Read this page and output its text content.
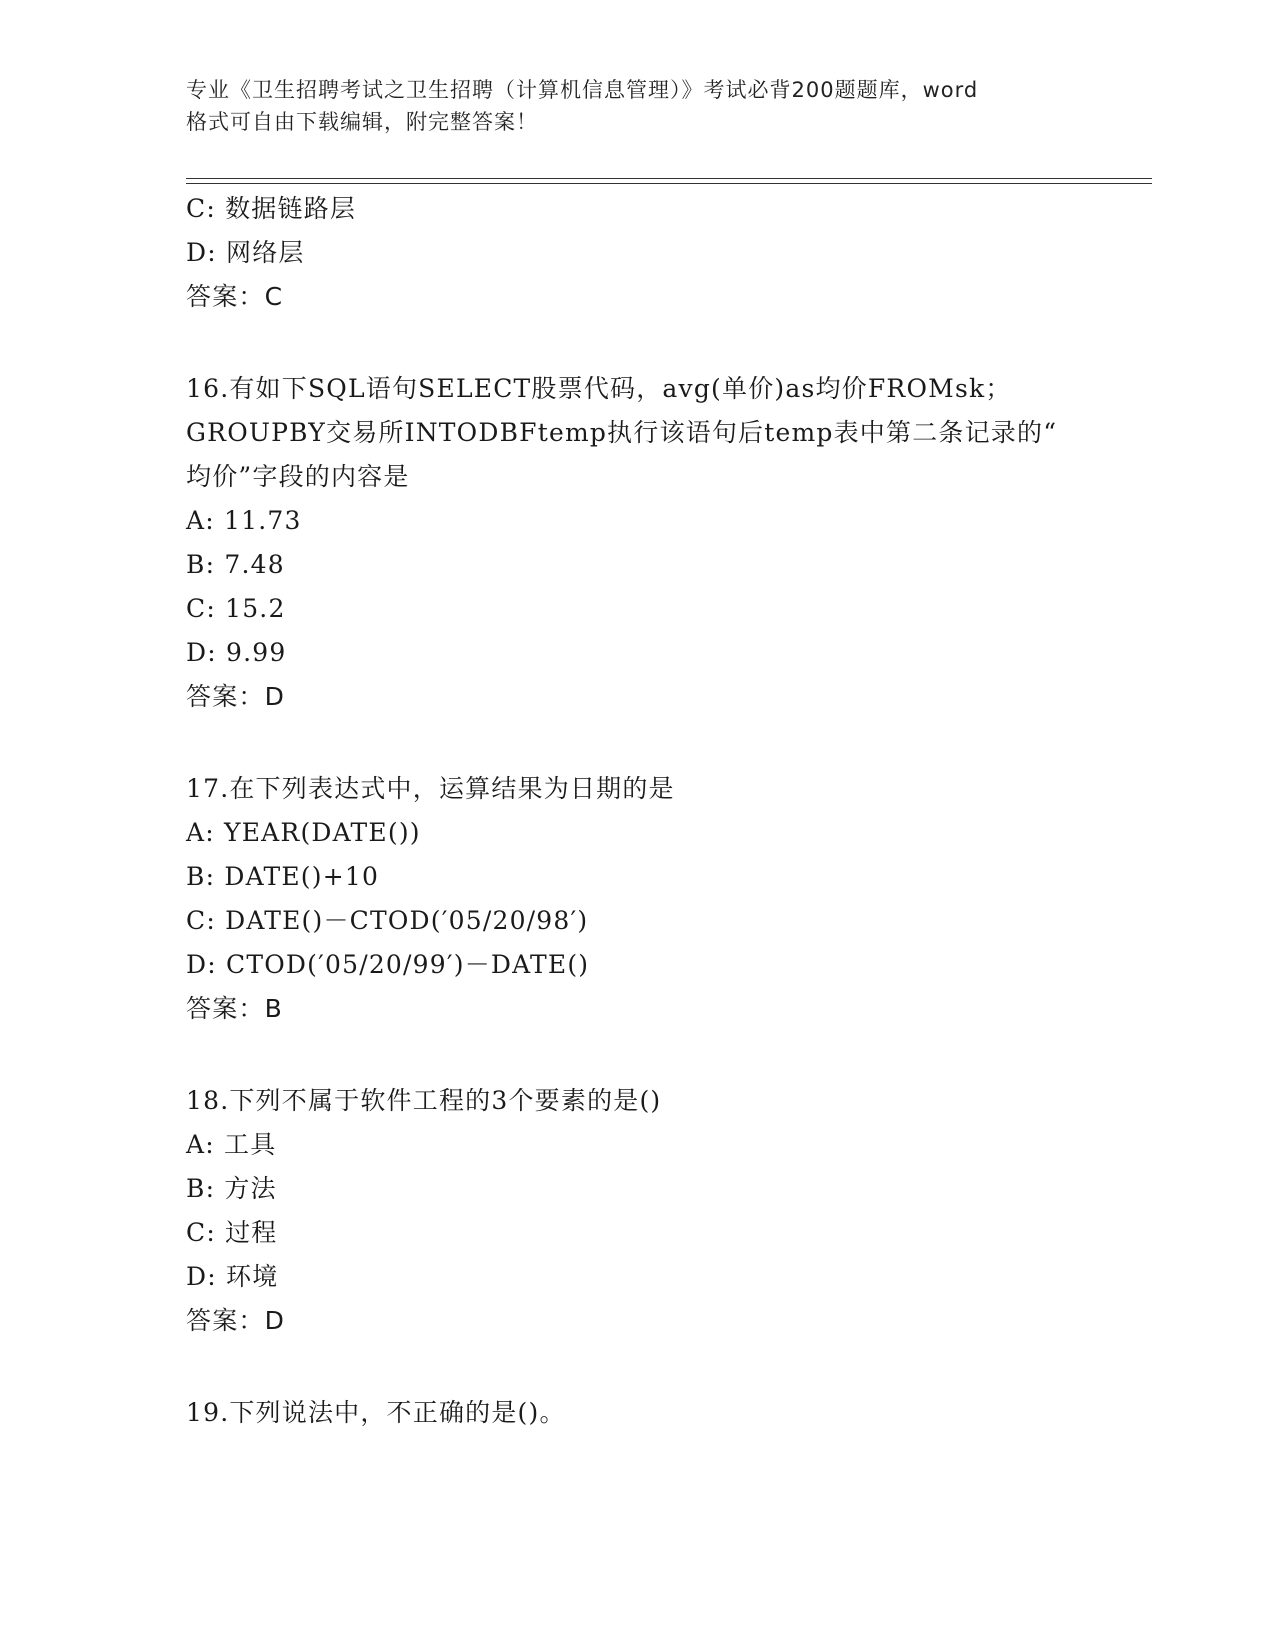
专业《卫生招聘考试之卫生招聘（计算机信息管理）》考试必背200题题库，word
格式可自由下载编辑，附完整答案！
C: 数据链路层
D: 网络层
答案：C
16.有如下SQL语句SELECT股票代码，avg(单价)as均价FROMsk；
GROUPBY交易所INTODBFtemp执行该语句后temp表中第二条记录的“
均价”字段的内容是
A: 11.73
B: 7.48
C: 15.2
D: 9.99
答案：D
17.在下列表达式中，运算结果为日期的是
A: YEAR(DATE())
B: DATE()+10
C: DATE()－CTOD(′05/20/98′)
D: CTOD(′05/20/99′)－DATE()
答案：B
18.下列不属于软件工程的3个要素的是()
A: 工具
B: 方法
C: 过程
D: 环境
答案：D
19.下列说法中，不正确的是()。
